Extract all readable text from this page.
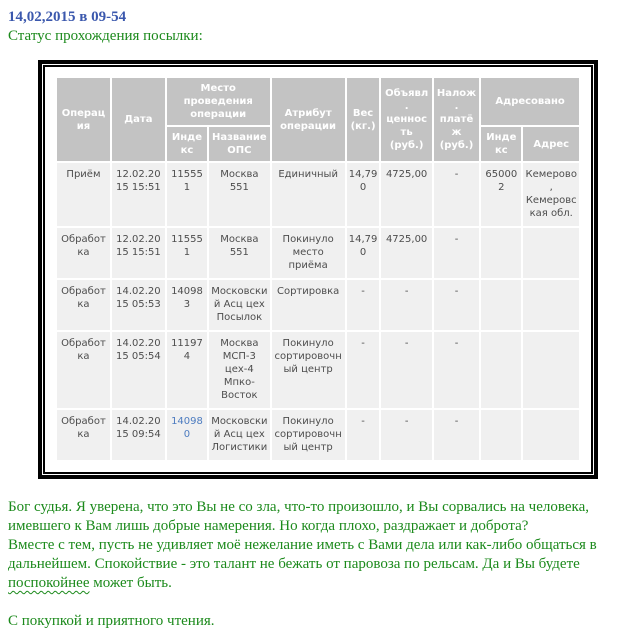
14,02,2015 в 09-54
Статус прохождения посылки:
Операция	Дата	Место проведения операции		Атрибут операции	Вес (кг.)	Объявл. ценность (руб.)	Налож. платёж (руб.)	Адресовано	
		Индекс	Название ОПС					Индекс	Адрес
Приём	12.02.2015 15:51	115551	Москва 551	Единичный	14,790	4725,00	-	650002	Кемерово, Кемеровская обл.
Обработка	12.02.2015 15:51	115551	Москва 551	Покинуло место приёма	14,790	4725,00	-		
Обработка	14.02.2015 05:53	140983	Московский Асц цех Посылок	Сортировка	-	-	-		
Обработка	14.02.2015 05:54	111974	Москва МСП-3 цех-4 Мпко-Восток	Покинуло сортировочный центр	-	-	-		
Обработка	14.02.2015 09:54	140980	Московский Асц цех Логистики	Покинуло сортировочный центр	-	-	-		

Бог судья. Я уверена, что это Вы не со зла, что-то произошло, и Вы сорвались на человека, имевшего к Вам лишь добрые намерения. Но когда плохо, раздражает и доброта?

Вместе с тем, пусть не удивляет моё нежелание иметь с Вами дела или как-либо общаться в дальнейшем. Спокойствие - это талант не бежать от паровоза по рельсам. Да и Вы будете поспокойнее может быть.

С покупкой и приятного чтения.
